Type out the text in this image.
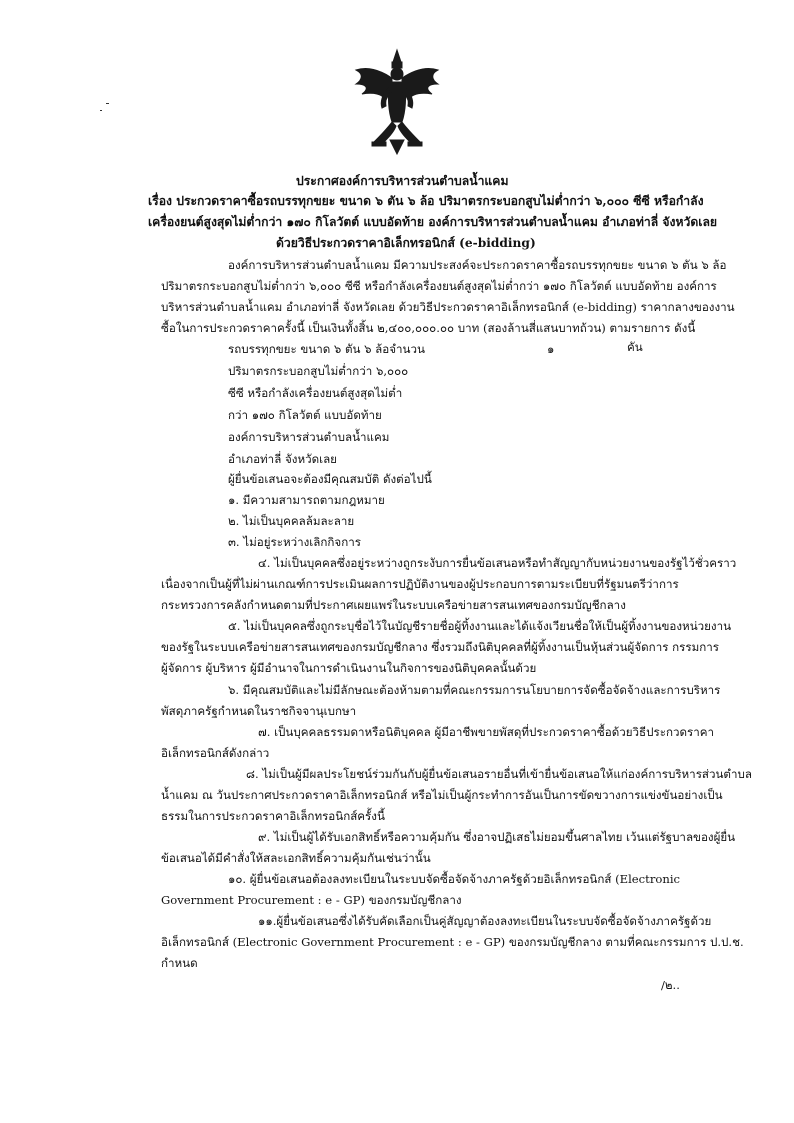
ประกาศองค์การบริหารส่วนตำบลน้ำแคม
เรื่อง ประกวดราคาซื้อรถบรรทุกขยะ ขนาด ๖ ตัน ๖ ล้อ ปริมาตรกระบอกสูบไม่ต่ำกว่า ๖,๐๐๐ ซีซี หรือกำลัง
เครื่องยนต์สูงสุดไม่ต่ำกว่า ๑๗๐ กิโลวัตต์ แบบอัดท้าย องค์การบริหารส่วนตำบลน้ำแคม อำเภอท่าลี่ จังหวัดเลย
ด้วยวิธีประกวดราคาอิเล็กทรอนิกส์ (e-bidding)
องค์การบริหารส่วนตำบลน้ำแคม มีความประสงค์จะประกวดราคาซื้อรถบรรทุกขยะ ขนาด ๖ ตัน ๖ ล้อ
ปริมาตรกระบอกสูบไม่ต่ำกว่า ๖,๐๐๐ ซีซี หรือกำลังเครื่องยนต์สูงสุดไม่ต่ำกว่า ๑๗๐ กิโลวัตต์ แบบอัดท้าย องค์การ
บริหารส่วนตำบลน้ำแคม อำเภอท่าลี่ จังหวัดเลย ด้วยวิธีประกวดราคาอิเล็กทรอนิกส์ (e-bidding) ราคากลางของงาน
ซื้อในการประกวดราคาครั้งนี้ เป็นเงินทั้งสิ้น ๒,๔๐๐,๐๐๐.๐๐ บาท (สองล้านสี่แสนบาทถ้วน) ตามรายการ ดังนี้
รถบรรทุกขยะ ขนาด ๖ ตัน ๖ ล้อจำนวน	๑	คัน
ปริมาตรกระบอกสูบไม่ต่ำกว่า ๖,๐๐๐
ซีซี หรือกำลังเครื่องยนต์สูงสุดไม่ต่ำ
กว่า ๑๗๐ กิโลวัตต์ แบบอัดท้าย
องค์การบริหารส่วนตำบลน้ำแคม
อำเภอท่าลี่ จังหวัดเลย
ผู้ยื่นข้อเสนอจะต้องมีคุณสมบัติ ดังต่อไปนี้
๑. มีความสามารถตามกฎหมาย
๒. ไม่เป็นบุคคลล้มละลาย
๓. ไม่อยู่ระหว่างเลิกกิจการ
๔. ไม่เป็นบุคคลซึ่งอยู่ระหว่างถูกระงับการยื่นข้อเสนอหรือทำสัญญากับหน่วยงานของรัฐไว้ชั่วคราว
เนื่องจากเป็นผู้ที่ไม่ผ่านเกณฑ์การประเมินผลการปฏิบัติงานของผู้ประกอบการตามระเบียบที่รัฐมนตรีว่าการ
กระทรวงการคลังกำหนดตามที่ประกาศเผยแพร่ในระบบเครือข่ายสารสนเทศของกรมบัญชีกลาง
๕. ไม่เป็นบุคคลซึ่งถูกระบุชื่อไว้ในบัญชีรายชื่อผู้ทิ้งงานและได้แจ้งเวียนชื่อให้เป็นผู้ทิ้งงานของหน่วยงาน
ของรัฐในระบบเครือข่ายสารสนเทศของกรมบัญชีกลาง ซึ่งรวมถึงนิติบุคคลที่ผู้ทิ้งงานเป็นหุ้นส่วนผู้จัดการ กรรมการ
ผู้จัดการ ผู้บริหาร ผู้มีอำนาจในการดำเนินงานในกิจการของนิติบุคคลนั้นด้วย
๖. มีคุณสมบัติและไม่มีลักษณะต้องห้ามตามที่คณะกรรมการนโยบายการจัดซื้อจัดจ้างและการบริหาร
พัสดุภาครัฐกำหนดในราชกิจจานุเบกษา
๗. เป็นบุคคลธรรมดาหรือนิติบุคคล ผู้มีอาชีพขายพัสดุที่ประกวดราคาซื้อด้วยวิธีประกวดราคา
อิเล็กทรอนิกส์ดังกล่าว
๘. ไม่เป็นผู้มีผลประโยชน์ร่วมกันกับผู้ยื่นข้อเสนอรายอื่นที่เข้ายื่นข้อเสนอให้แก่องค์การบริหารส่วนตำบล
น้ำแคม ณ วันประกาศประกวดราคาอิเล็กทรอนิกส์ หรือไม่เป็นผู้กระทำการอันเป็นการขัดขวางการแข่งขันอย่างเป็น
ธรรมในการประกวดราคาอิเล็กทรอนิกส์ครั้งนี้
๙. ไม่เป็นผู้ได้รับเอกสิทธิ์หรือความคุ้มกัน ซึ่งอาจปฏิเสธไม่ยอมขึ้นศาลไทย เว้นแต่รัฐบาลของผู้ยื่น
ข้อเสนอได้มีคำสั่งให้สละเอกสิทธิ์ความคุ้มกันเช่นว่านั้น
๑๐. ผู้ยื่นข้อเสนอต้องลงทะเบียนในระบบจัดซื้อจัดจ้างภาครัฐด้วยอิเล็กทรอนิกส์ (Electronic
Government Procurement : e - GP) ของกรมบัญชีกลาง
๑๑.ผู้ยื่นข้อเสนอซึ่งได้รับคัดเลือกเป็นคู่สัญญาต้องลงทะเบียนในระบบจัดซื้อจัดจ้างภาครัฐด้วย
อิเล็กทรอนิกส์ (Electronic Government Procurement : e - GP) ของกรมบัญชีกลาง ตามที่คณะกรรมการ ป.ป.ช.
กำหนด
/๒..
